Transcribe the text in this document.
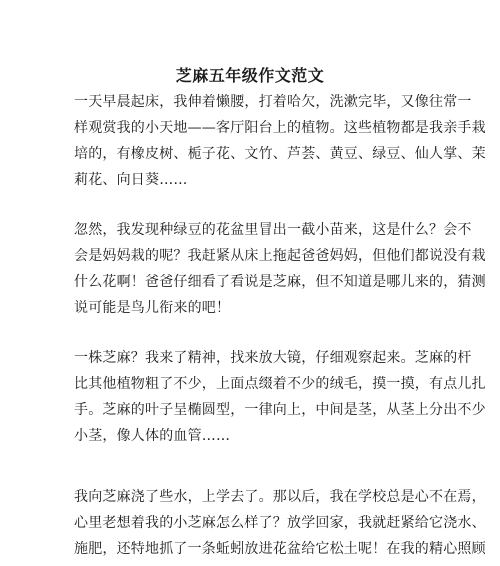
芝麻五年级作文范文

一天早晨起床，我伸着懒腰，打着哈欠，洗漱完毕，又像往常一
样观赏我的小天地——客厅阳台上的植物。这些植物都是我亲手栽
培的，有橡皮树、栀子花、文竹、芦荟、黄豆、绿豆、仙人掌、茉
莉花、向日葵……

忽然，我发现种绿豆的花盆里冒出一截小苗来，这是什么？会不
会是妈妈栽的呢？我赶紧从床上拖起爸爸妈妈，但他们都说没有栽
什么花啊！爸爸仔细看了看说是芝麻，但不知道是哪儿来的，猜测
说可能是鸟儿衔来的吧！

一株芝麻？我来了精神，找来放大镜，仔细观察起来。芝麻的杆
比其他植物粗了不少，上面点缀着不少的绒毛，摸一摸，有点儿扎
手。芝麻的叶子呈椭圆型，一律向上，中间是茎，从茎上分出不少
小茎，像人体的血管……

我向芝麻浇了些水，上学去了。那以后，我在学校总是心不在焉，
心里老想着我的小芝麻怎么样了？放学回家，我就赶紧给它浇水、
施肥，还特地抓了一条蚯蚓放进花盆给它松土呢！在我的精心照顾
